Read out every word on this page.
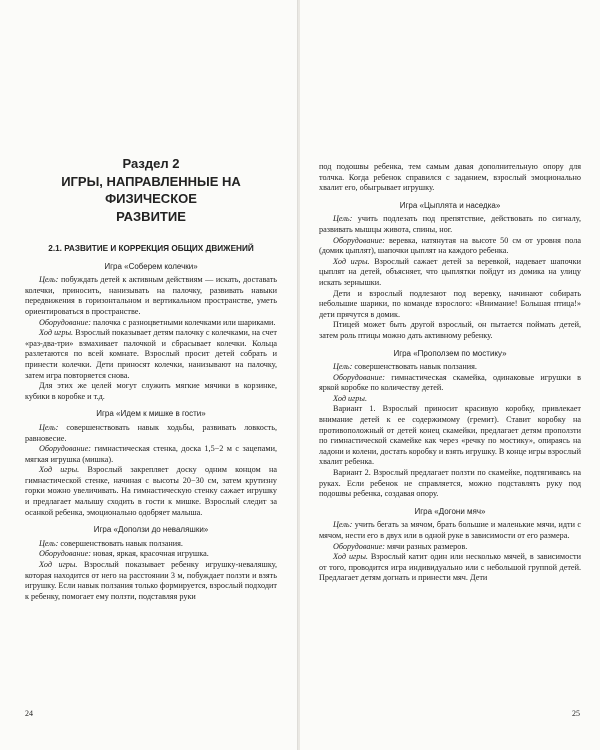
Раздел 2
ИГРЫ, НАПРАВЛЕННЫЕ НА ФИЗИЧЕСКОЕ
РАЗВИТИЕ
2.1. РАЗВИТИЕ И КОРРЕКЦИЯ ОБЩИХ ДВИЖЕНИЙ
Игра «Соберем колечки»

Цель: побуждать детей к активным действиям — искать, доставать колечки, приносить, нанизывать на палочку, развивать навыки передвижения в горизонтальном и вертикальном пространстве, уметь ориентироваться в пространстве.

Оборудование: палочка с разноцветными колечками или шариками.

Ход игры. Взрослый показывает детям палочку с колечками, на счет «раз-два-три» взмахивает палочкой и сбрасывает колечки. Кольца разлетаются по всей комнате. Взрослый просит детей собрать и принести колечки. Дети приносят колечки, нанизывают на палочку, затем игра повторяется снова.

Для этих же целей могут служить мягкие мячики в корзинке, кубики в коробке и т.д.

Игра «Идем к мишке в гости»

Цель: совершенствовать навык ходьбы, развивать ловкость, равновесие.

Оборудование: гимнастическая стенка, доска 1,5−2 м с зацепами, мягкая игрушка (мишка).

Ход игры. Взрослый закрепляет доску одним концом на гимнастической стенке, начиная с высоты 20−30 см, затем крутизну горки можно увеличивать. На гимнастическую стенку сажает игрушку и предлагает малышу сходить в гости к мишке. Взрослый следит за осанкой ребенка, эмоционально одобряет малыша.

Игра «Доползи до неваляшки»

Цель: совершенствовать навык ползания.

Оборудование: новая, яркая, красочная игрушка.

Ход игры. Взрослый показывает ребенку игрушку-неваляшку, которая находится от него на расстоянии 3 м, побуждает ползти и взять игрушку. Если навык ползания только формируется, взрослый подходит к ребенку, помогает ему ползти, подставляя руки

24

под подошвы ребенка, тем самым давая дополнительную опору для толчка. Когда ребенок справился с заданием, взрослый эмоционально хвалит его, обыгрывает игрушку.

Игра «Цыплята и наседка»

Цель: учить подлезать под препятствие, действовать по сигналу, развивать мышцы живота, спины, ног.

Оборудование: веревка, натянутая на высоте 50 см от уровня пола (домик цыплят), шапочки цыплят на каждого ребенка.

Ход игры. Взрослый сажает детей за веревкой, надевает шапочки цыплят на детей, объясняет, что цыплятки пойдут из домика на улицу искать зернышки.

Дети и взрослый подлезают под веревку, начинают собирать небольшие шарики, по команде взрослого: «Внимание! Большая птица!» дети прячутся в домик.

Птицей может быть другой взрослый, он пытается поймать детей, затем роль птицы можно дать активному ребенку.

Игра «Проползем по мостику»

Цель: совершенствовать навык ползания.

Оборудование: гимнастическая скамейка, одинаковые игрушки в яркой коробке по количеству детей.

Ход игры.

Вариант 1. Взрослый приносит красивую коробку, привлекает внимание детей к ее содержимому (гремит). Ставит коробку на противоположный от детей конец скамейки, предлагает детям проползти по гимнастической скамейке как через «речку по мостику», опираясь на ладони и колени, достать коробку и взять игрушку. В конце игры взрослый хвалит ребенка.

Вариант 2. Взрослый предлагает ползти по скамейке, подтягиваясь на руках. Если ребенок не справляется, можно подставлять руку под подошвы ребенка, создавая опору.

Игра «Догони мяч»

Цель: учить бегать за мячом, брать большие и маленькие мячи, идти с мячом, нести его в двух или в одной руке в зависимости от его размера.

Оборудование: мячи разных размеров.

Ход игры. Взрослый катит один или несколько мячей, в зависимости от того, проводится игра индивидуально или с небольшой группой детей. Предлагает детям догнать и принести мяч. Дети

25
